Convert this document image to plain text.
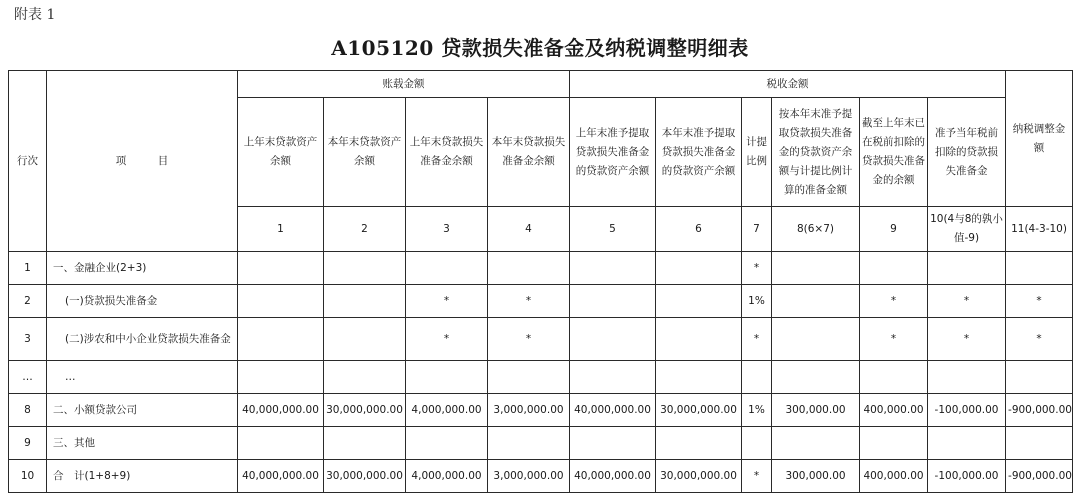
附表 1
A105120 贷款损失准备金及纳税调整明细表
行次	项　　　目	账载金额				税收金额						纳税调整金额
		上年末贷款资产余额	本年末贷款资产余额	上年末贷款损失准备金余额	本年末贷款损失准备金余额	上年末准予提取贷款损失准备金的贷款资产余额	本年末准予提取贷款损失准备金的贷款资产余额	计提比例	按本年末准予提取贷款损失准备金的贷款资产余额与计提比例计算的准备金额	截至上年末已在税前扣除的贷款损失准备金的余额	准予当年税前扣除的贷款损失准备金	
		1	2	3	4	5	6	7	8(6×7)	9	10(4与8的孰小值-9)	11(4-3-10)
1	一、金融企业(2+3)							*				
2	(一)贷款损失准备金			*	*			1%		*	*	*
3	(二)涉农和中小企业贷款损失准备金			*	*			*		*	*	*
…	…											
8	二、小额贷款公司	40,000,000.00	30,000,000.00	4,000,000.00	3,000,000.00	40,000,000.00	30,000,000.00	1%	300,000.00	400,000.00	-100,000.00	-900,000.00
9	三、其他											
10	合　计(1+8+9)	40,000,000.00	30,000,000.00	4,000,000.00	3,000,000.00	40,000,000.00	30,000,000.00	*	300,000.00	400,000.00	-100,000.00	-900,000.00
